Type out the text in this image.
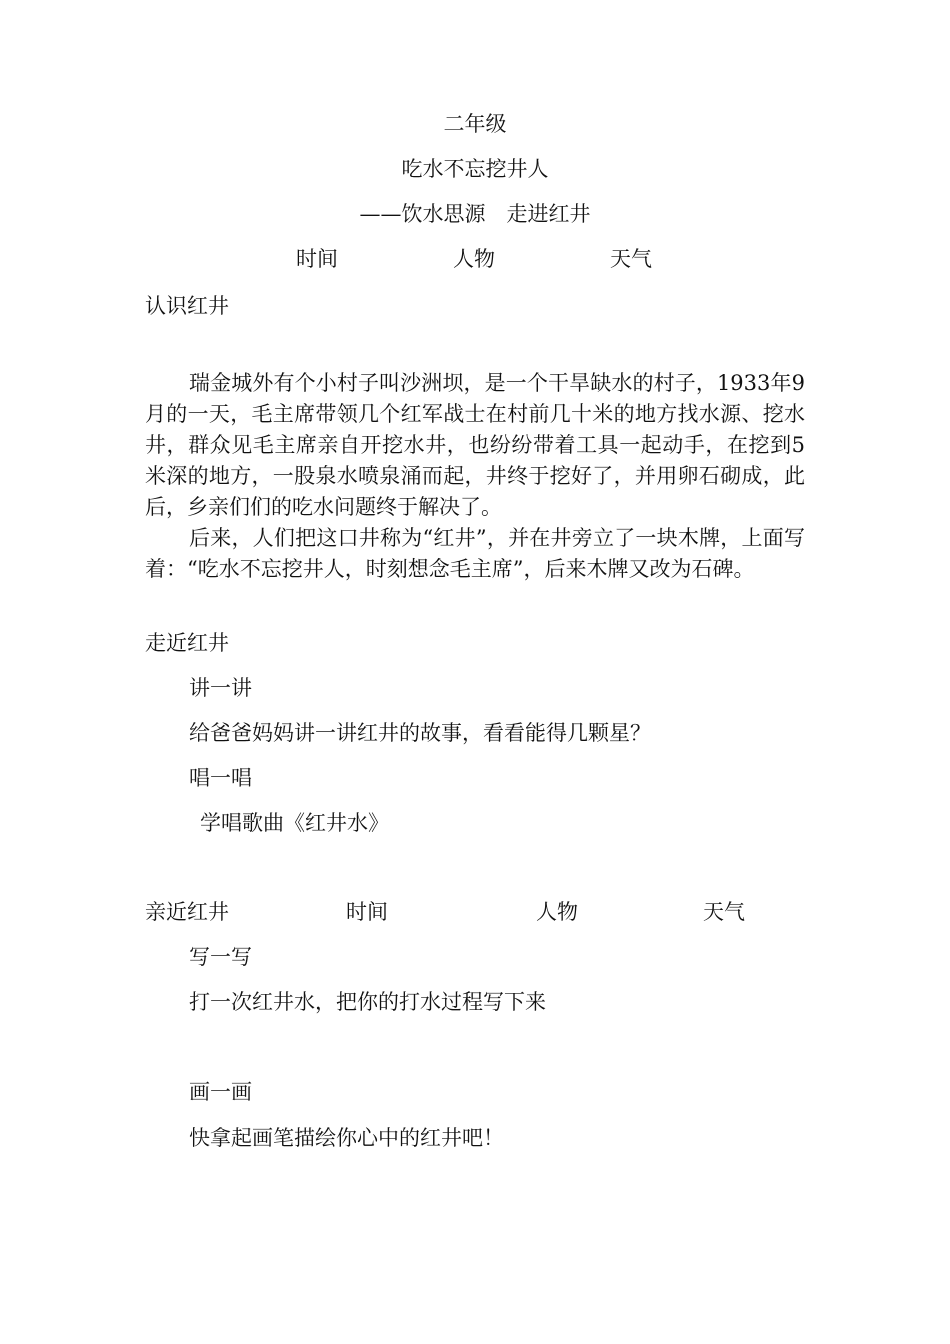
二年级
吃水不忘挖井人
——饮水思源　走进红井
时间	人物	天气
认识红井

瑞金城外有个小村子叫沙洲坝，是一个干旱缺水的村子，1933年9月的一天，毛主席带领几个红军战士在村前几十米的地方找水源、挖水井，群众见毛主席亲自开挖水井，也纷纷带着工具一起动手，在挖到5米深的地方，一股泉水喷泉涌而起，井终于挖好了，并用卵石砌成，此后，乡亲们们的吃水问题终于解决了。

后来，人们把这口井称为“红井”，并在井旁立了一块木牌，上面写着：“吃水不忘挖井人，时刻想念毛主席”，后来木牌又改为石碑。

走近红井
讲一讲
给爸爸妈妈讲一讲红井的故事，看看能得几颗星？
唱一唱
学唱歌曲《红井水》
亲近红井	时间	人物	天气
写一写
打一次红井水，把你的打水过程写下来
画一画
快拿起画笔描绘你心中的红井吧！
